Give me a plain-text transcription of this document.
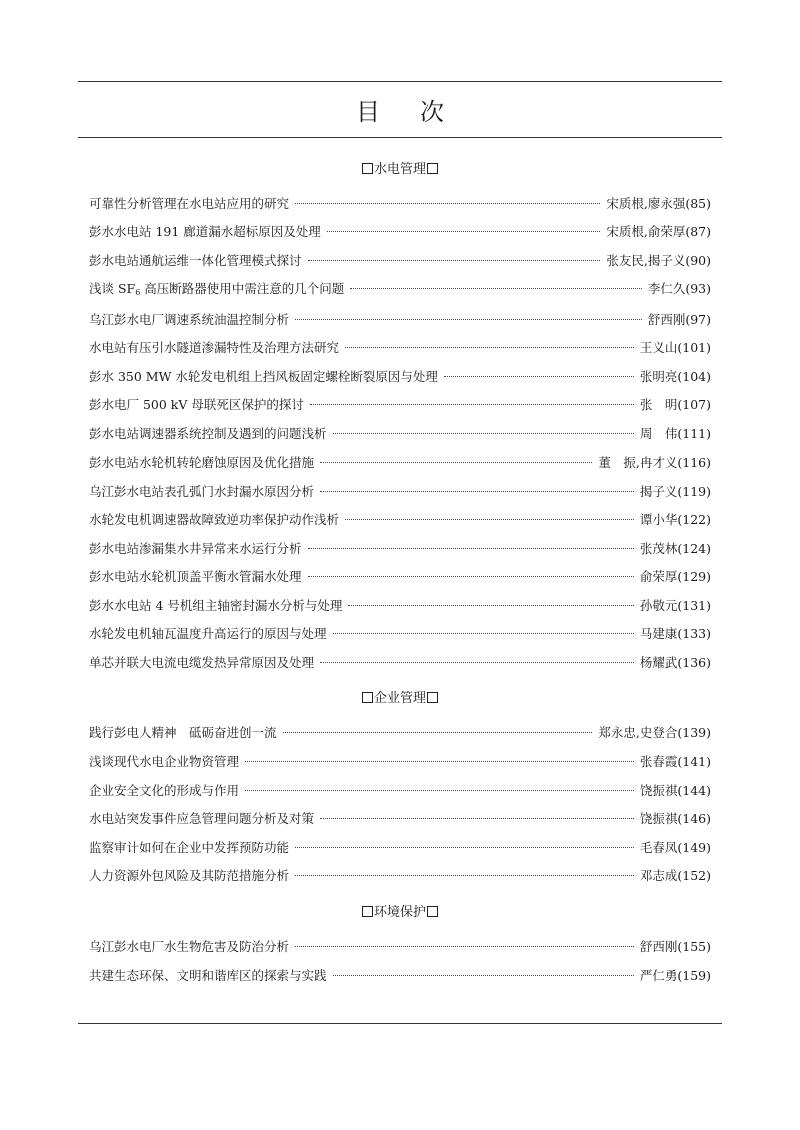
目 次
水电管理
可靠性分析管理在水电站应用的研究	宋质根,廖永强(85)
彭水水电站 191 廊道漏水超标原因及处理	宋质根,俞荣厚(87)
彭水电站通航运维一体化管理模式探讨	张友民,揭子义(90)
浅谈 $SF_6$ 高压断路器使用中需注意的几个问题	李仁久(93)
乌江彭水电厂调速系统油温控制分析	舒西刚(97)
水电站有压引水隧道渗漏特性及治理方法研究	王义山(101)
彭水 350 MW 水轮发电机组上挡风板固定螺栓断裂原因与处理	张明亮(104)
彭水电厂 500 kV 母联死区保护的探讨	张　明(107)
彭水电站调速器系统控制及遇到的问题浅析	周　伟(111)
彭水电站水轮机转轮磨蚀原因及优化措施	董　振,冉才义(116)
乌江彭水电站表孔弧门水封漏水原因分析	揭子义(119)
水轮发电机调速器故障致逆功率保护动作浅析	谭小华(122)
彭水电站渗漏集水井异常来水运行分析	张茂林(124)
彭水电站水轮机顶盖平衡水管漏水处理	俞荣厚(129)
彭水水电站 4 号机组主轴密封漏水分析与处理	孙敬元(131)
水轮发电机轴瓦温度升高运行的原因与处理	马建康(133)
单芯并联大电流电缆发热异常原因及处理	杨耀武(136)
企业管理
践行彭电人精神　砥砺奋进创一流	郑永忠,史登合(139)
浅谈现代水电企业物资管理	张春霞(141)
企业安全文化的形成与作用	饶振祺(144)
水电站突发事件应急管理问题分析及对策	饶振祺(146)
监察审计如何在企业中发挥预防功能	毛春凤(149)
人力资源外包风险及其防范措施分析	邓志成(152)
环境保护
乌江彭水电厂水生物危害及防治分析	舒西刚(155)
共建生态环保、文明和谐库区的探索与实践	严仁勇(159)
